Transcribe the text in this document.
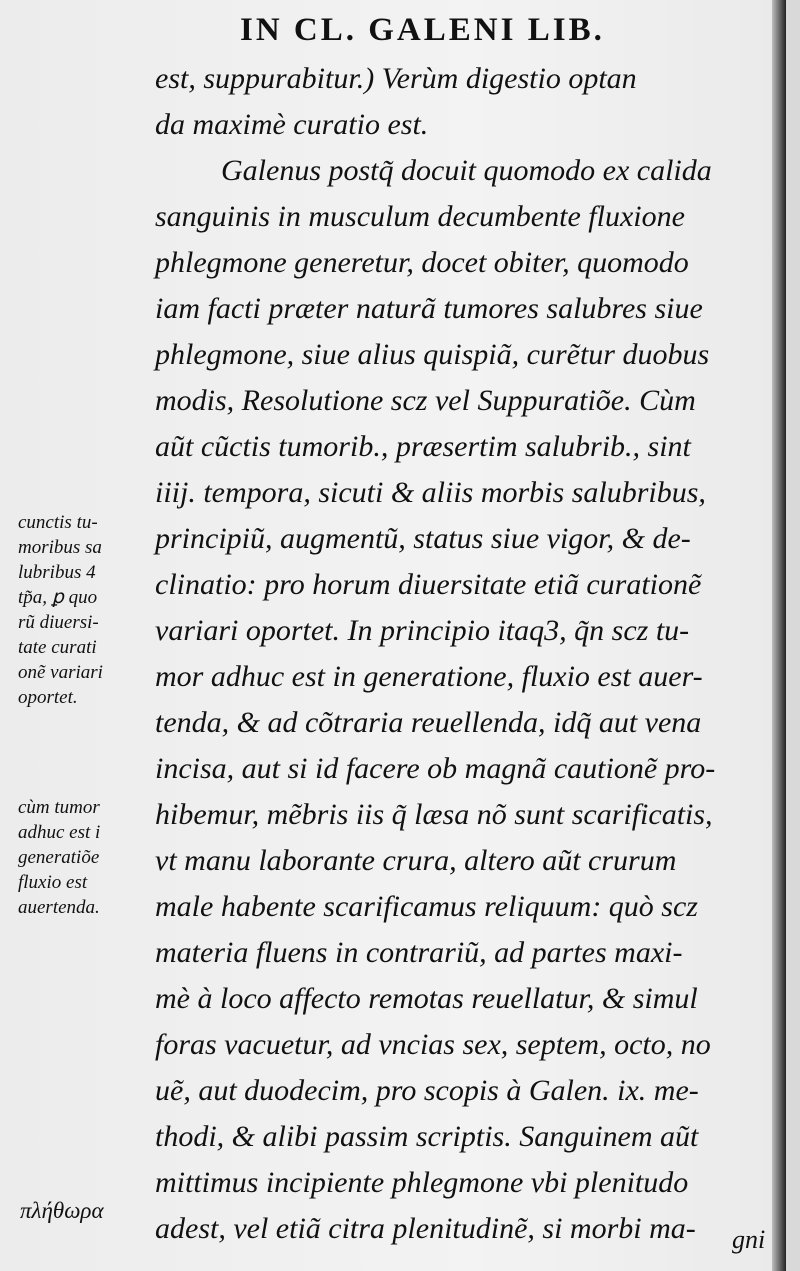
IN CL. GALENI LIB.
est, suppurabitur.) Verùm digestio optan
da maximè curatio est.
Galenus postq̃ docuit quomodo ex calida
sanguinis in musculum decumbente fluxione
phlegmone generetur, docet obiter, quomodo
iam facti præter naturã tumores salubres siue
phlegmone, siue alius quispiã, curẽtur duobus
modis, Resolutione scz vel Suppuratiõe. Cùm
aũt cũctis tumorib., præsertim salubrib., sint
iiij. tempora, sicuti & aliis morbis salubribus,
principiũ, augmentũ, status siue vigor, & de-
clinatio: pro horum diuersitate etiã curationẽ
variari oportet. In principio itaq3, q̃n scz tu-
mor adhuc est in generatione, fluxio est auer-
tenda, & ad cõtraria reuellenda, idq̃ aut vena
incisa, aut si id facere ob magnã cautionẽ pro-
hibemur, mẽbris iis q̃ læsa nõ sunt scarificatis,
vt manu laborante crura, altero aũt crurum
male habente scarificamus reliquum: quò scz
materia fluens in contrariũ, ad partes maxi-
mè à loco affecto remotas reuellatur, & simul
foras vacuetur, ad vncias sex, septem, octo, no
uẽ, aut duodecim, pro scopis à Galen. ix. me-
thodi, & alibi passim scriptis. Sanguinem aũt
mittimus incipiente phlegmone vbi plenitudo
adest, vel etiã citra plenitudinẽ, si morbi ma-
cunctis tu-
moribus sa
lubribus 4
tp̃a, ꝑ quo
rũ diuersi-
tate curati
onẽ variari
oportet.
cùm tumor
adhuc est i
generatiõe
fluxio est
auertenda.
πλήθωρα
gni
